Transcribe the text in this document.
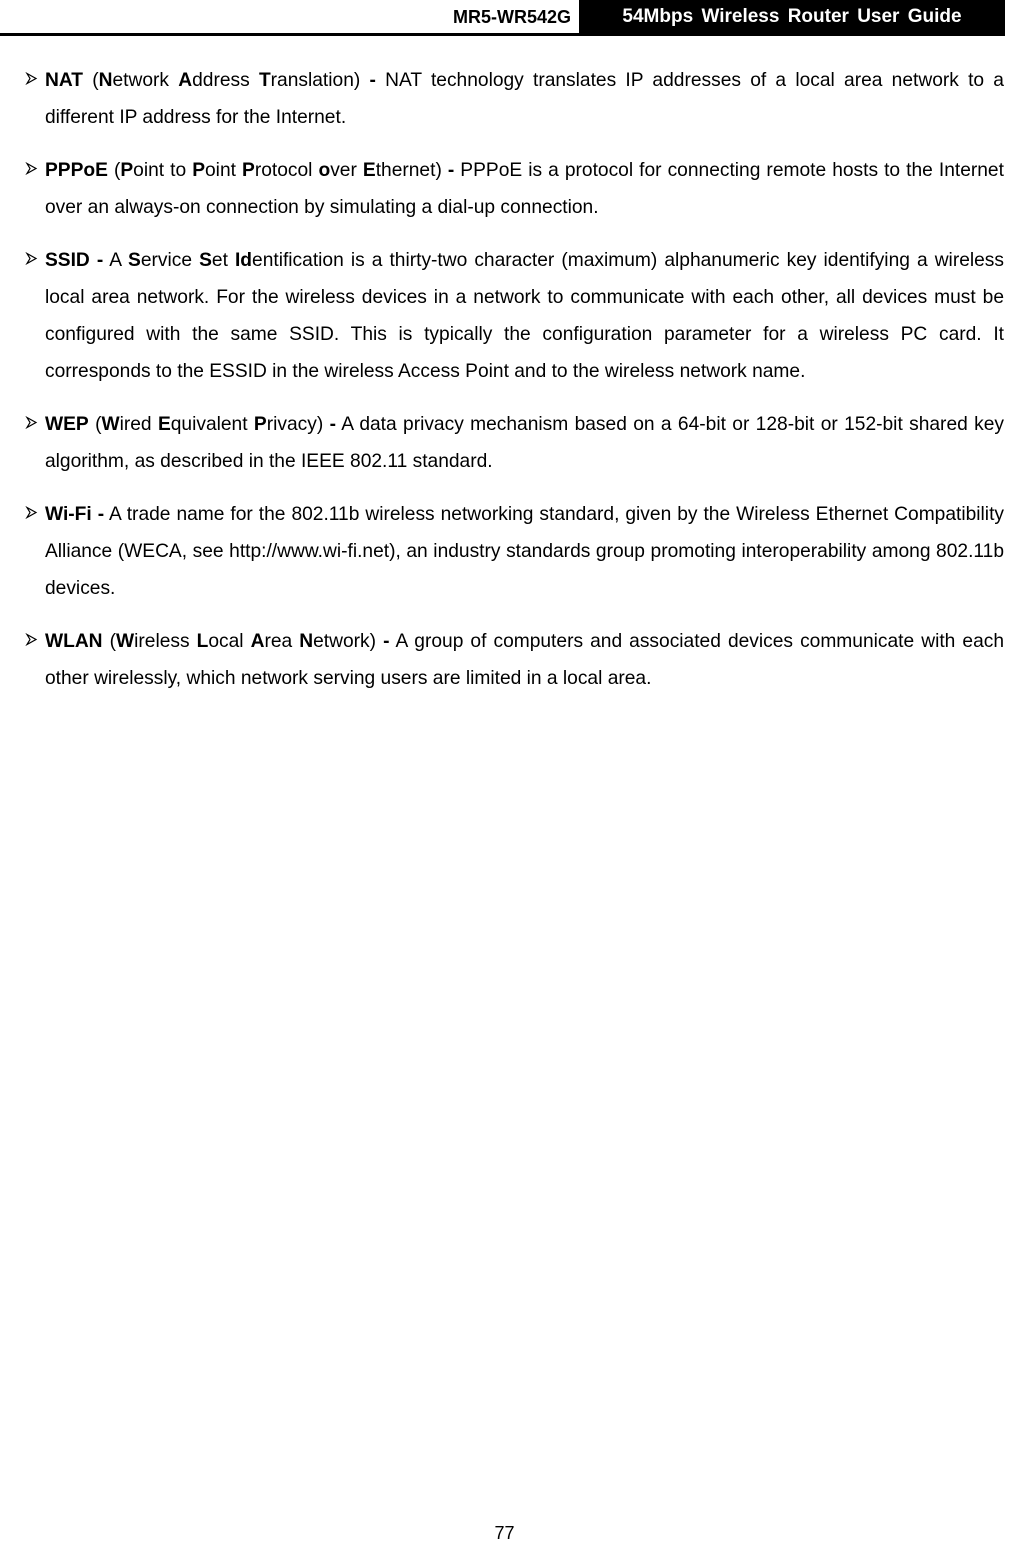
MR5-WR542G	54Mbps Wireless Router User Guide

NAT (Network Address Translation) - NAT technology translates IP addresses of a local area network to a different IP address for the Internet.

PPPoE (Point to Point Protocol over Ethernet) - PPPoE is a protocol for connecting remote hosts to the Internet over an always-on connection by simulating a dial-up connection.

SSID - A Service Set Identification is a thirty-two character (maximum) alphanumeric key identifying a wireless local area network. For the wireless devices in a network to communicate with each other, all devices must be configured with the same SSID. This is typically the configuration parameter for a wireless PC card. It corresponds to the ESSID in the wireless Access Point and to the wireless network name.

WEP (Wired Equivalent Privacy) - A data privacy mechanism based on a 64-bit or 128-bit or 152-bit shared key algorithm, as described in the IEEE 802.11 standard.

Wi-Fi - A trade name for the 802.11b wireless networking standard, given by the Wireless Ethernet Compatibility Alliance (WECA, see http://www.wi-fi.net), an industry standards group promoting interoperability among 802.11b devices.

WLAN (Wireless Local Area Network) - A group of computers and associated devices communicate with each other wirelessly, which network serving users are limited in a local area.

77
